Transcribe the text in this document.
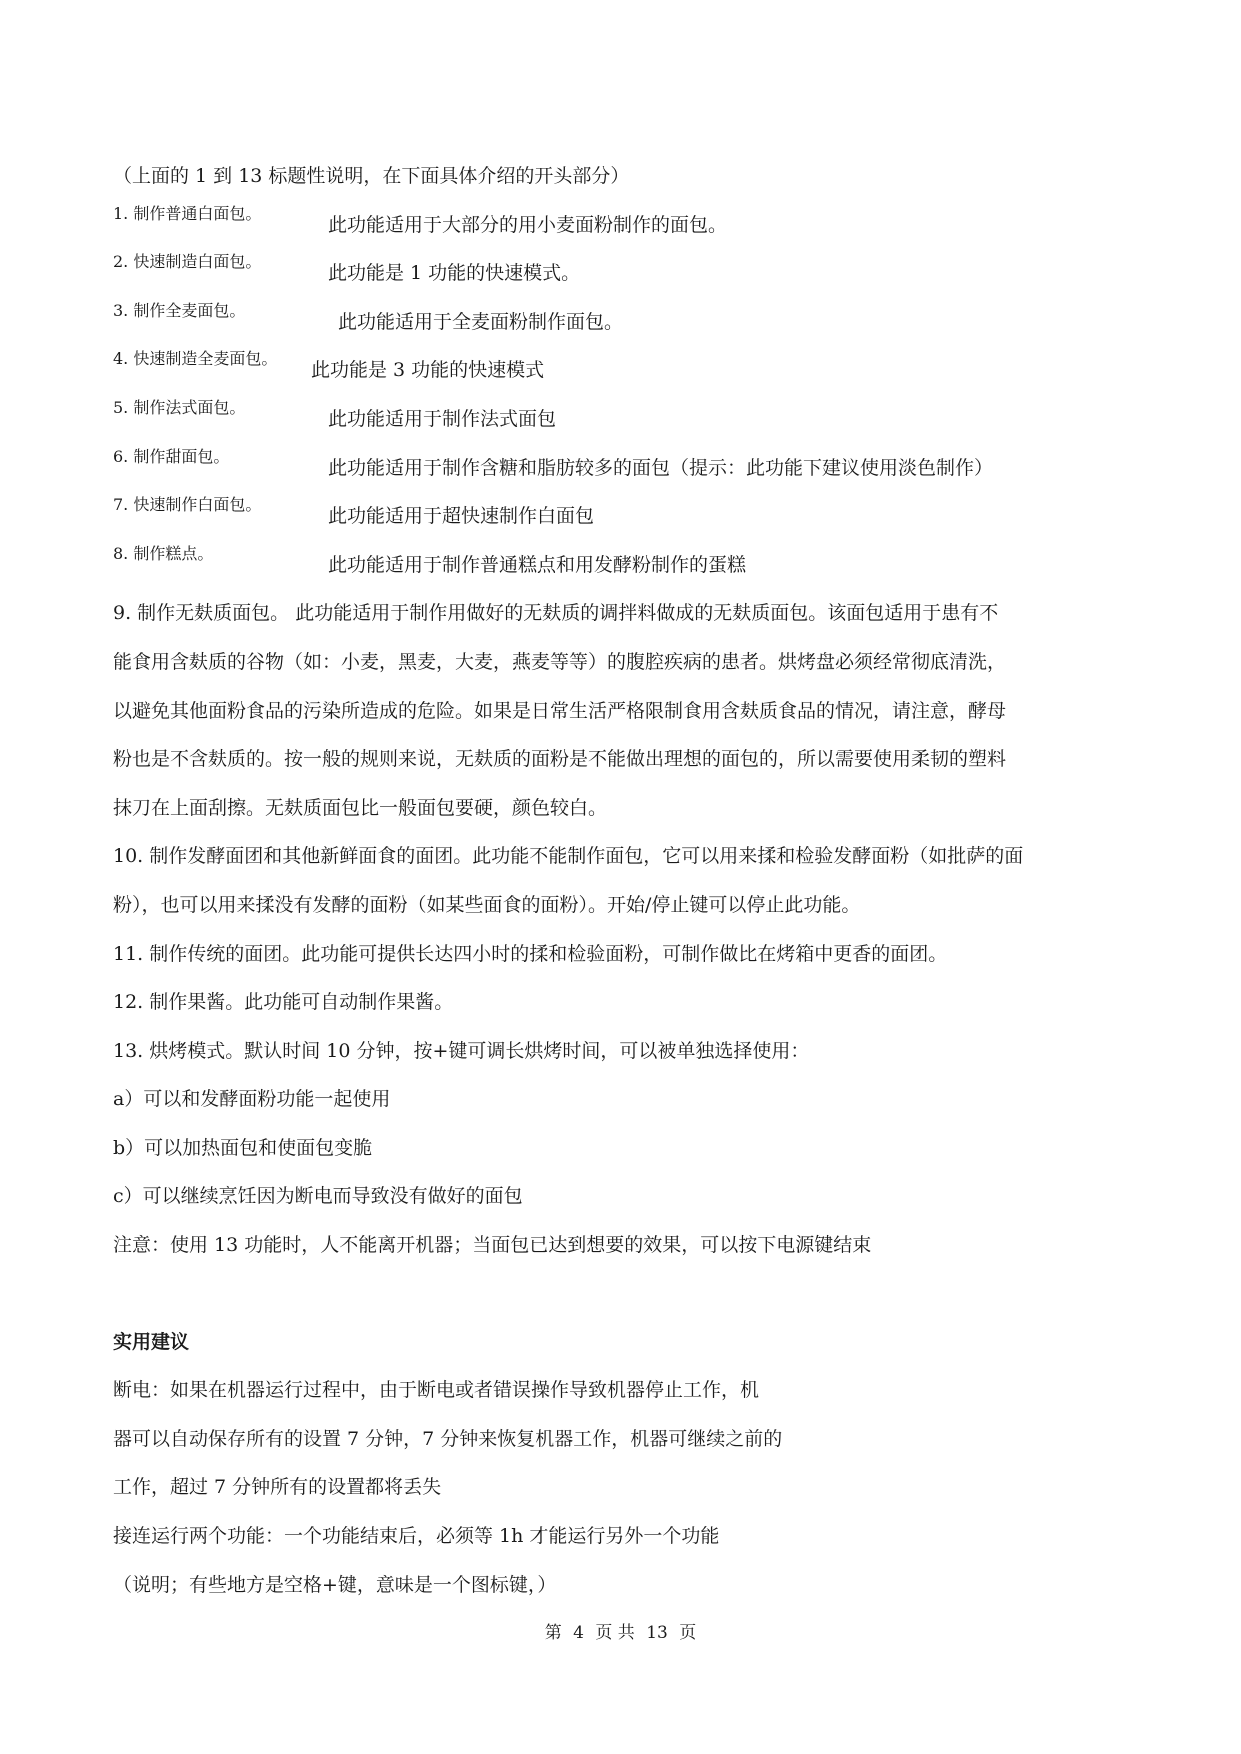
（上面的 1 到 13 标题性说明，在下面具体介绍的开头部分）

1. 制作普通白面包。
此功能适用于大部分的用小麦面粉制作的面包。
2. 快速制造白面包。
此功能是 1 功能的快速模式。
3. 制作全麦面包。
此功能适用于全麦面粉制作面包。
4. 快速制造全麦面包。
此功能是 3 功能的快速模式
5. 制作法式面包。
此功能适用于制作法式面包
6. 制作甜面包。
此功能适用于制作含糖和脂肪较多的面包（提示：此功能下建议使用淡色制作）
7. 快速制作白面包。
此功能适用于超快速制作白面包
8. 制作糕点。
此功能适用于制作普通糕点和用发酵粉制作的蛋糕

9. 制作无麸质面包。 此功能适用于制作用做好的无麸质的调拌料做成的无麸质面包。该面包适用于患有不

能食用含麸质的谷物（如：小麦，黑麦，大麦，燕麦等等）的腹腔疾病的患者。烘烤盘必须经常彻底清洗，

以避免其他面粉食品的污染所造成的危险。如果是日常生活严格限制食用含麸质食品的情况，请注意，酵母

粉也是不含麸质的。按一般的规则来说，无麸质的面粉是不能做出理想的面包的，所以需要使用柔韧的塑料

抹刀在上面刮擦。无麸质面包比一般面包要硬，颜色较白。

10. 制作发酵面团和其他新鲜面食的面团。此功能不能制作面包，它可以用来揉和检验发酵面粉（如批萨的面

粉），也可以用来揉没有发酵的面粉（如某些面食的面粉）。开始/停止键可以停止此功能。

11. 制作传统的面团。此功能可提供长达四小时的揉和检验面粉，可制作做比在烤箱中更香的面团。

12. 制作果酱。此功能可自动制作果酱。

13. 烘烤模式。默认时间 10 分钟，按+键可调长烘烤时间，可以被单独选择使用：

a）可以和发酵面粉功能一起使用

b）可以加热面包和使面包变脆

c）可以继续烹饪因为断电而导致没有做好的面包

注意：使用 13 功能时，人不能离开机器；当面包已达到想要的效果，可以按下电源键结束

实用建议

断电：如果在机器运行过程中，由于断电或者错误操作导致机器停止工作，机

器可以自动保存所有的设置 7 分钟，7 分钟来恢复机器工作，机器可继续之前的

工作，超过 7 分钟所有的设置都将丢失

接连运行两个功能：一个功能结束后，必须等 1h 才能运行另外一个功能

（说明；有些地方是空格+键，意味是一个图标键，）

第 4 页 共 13 页
